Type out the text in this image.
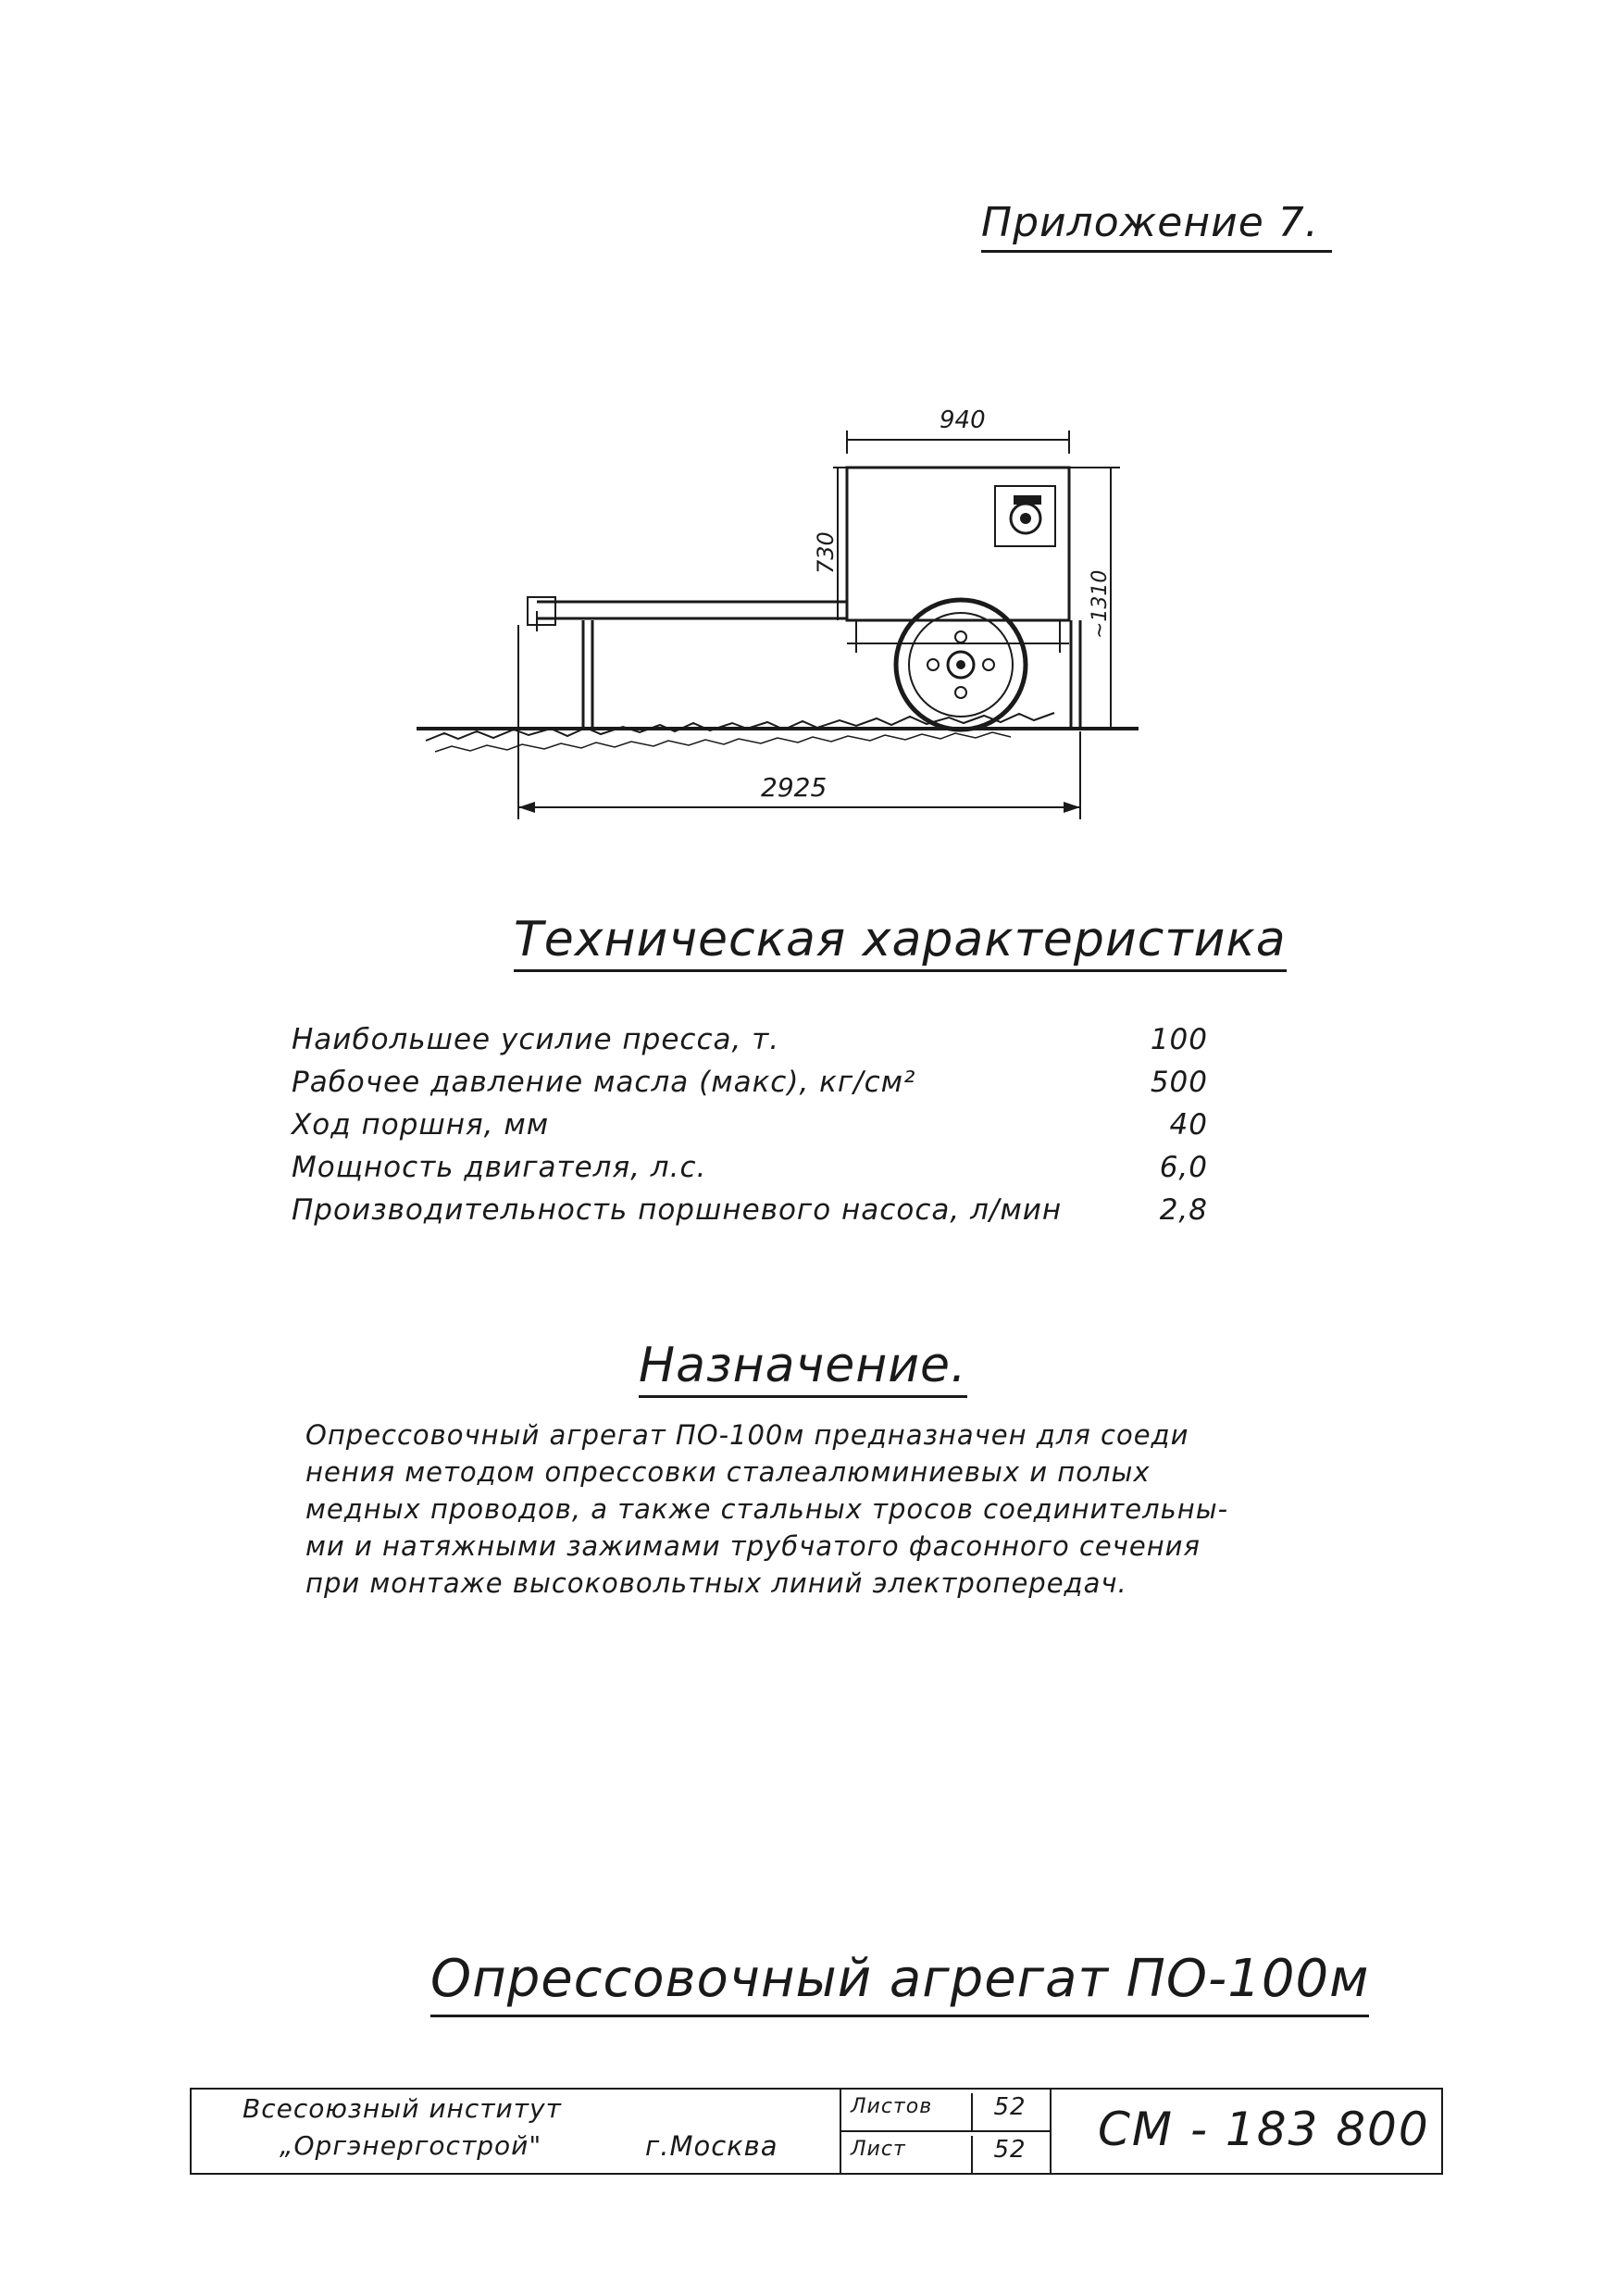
Приложение 7.
940
730
~1310
2925
Техническая характеристика
Наибольшее усилие пресса, т.	100
Рабочее давление масла (макс), кг/см²	500
Ход поршня, мм	40
Мощность двигателя, л.с.	6,0
Производительность поршневого насоса, л/мин	2,8
Назначение.
Опрессовочный агрегат ПО-100м предназначен для соеди
нения методом опрессовки сталеалюминиевых и полых
медных проводов, а также стальных тросов соединительны-
ми и натяжными зажимами трубчатого фасонного сечения
при монтаже высоковольтных линий электропередач.
Опрессовочный агрегат ПО-100м
Всесоюзный институт
„Оргэнергострой"	г.Москва
Листов	52
Лист	52	СМ - 183 800
